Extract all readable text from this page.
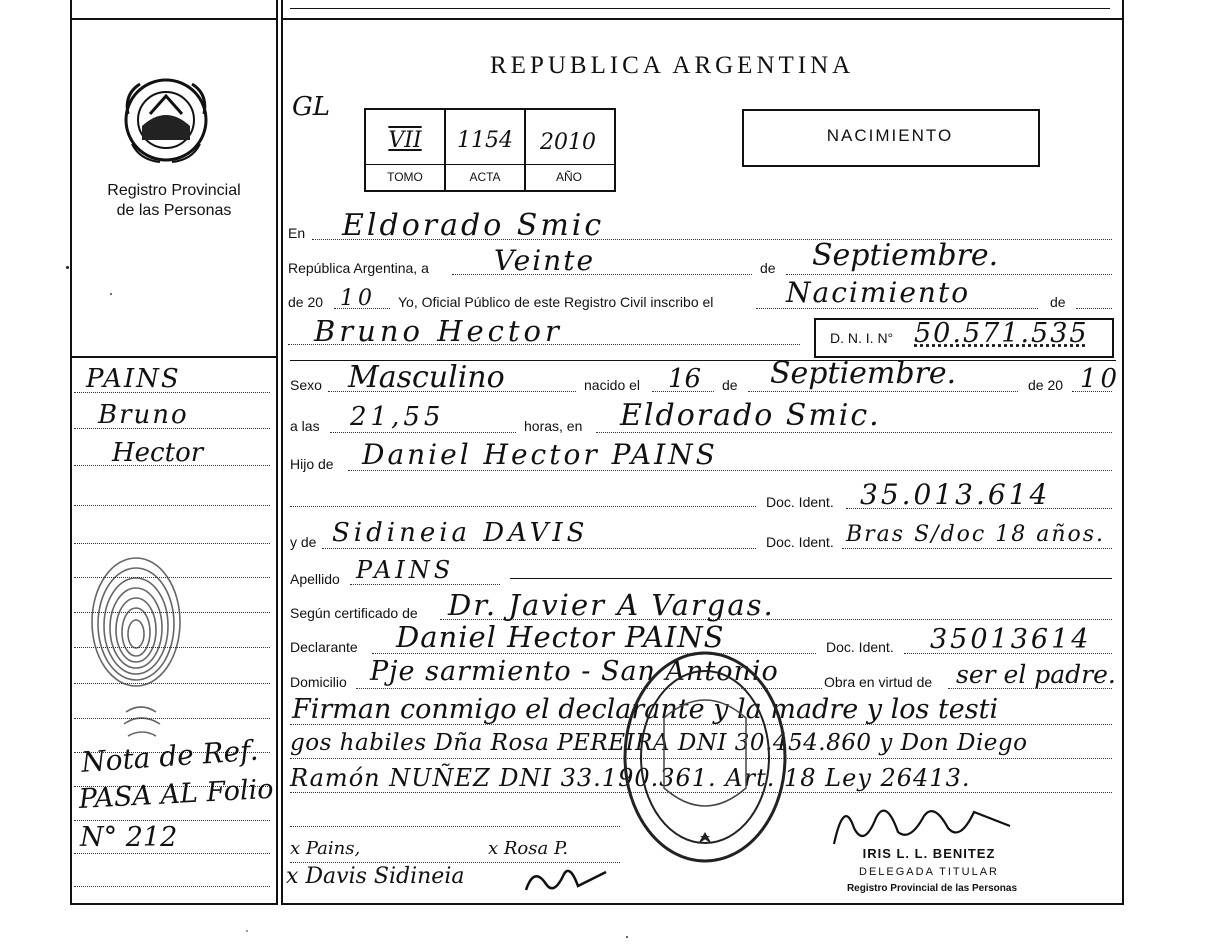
Registro Provincial
de las Personas
PAINS
Bruno
Hector
Nota de Ref.
PASA AL Folio
N° 212
REPUBLICA ARGENTINA
GL
VII	1154	2010
TOMO	ACTA	AÑO
NACIMIENTO
En Eldorado Smic
República Argentina, a Veinte	de Septiembre.
de 20 10 Yo, Oficial Público de este Registro Civil inscribo el	Nacimiento	de
Bruno Hector	D. N. I. N° 50.571.535
Sexo Masculino	nacido el 16 de Septiembre.	de 20 10
a las 21,55	horas, en Eldorado Smic.
Hijo de Daniel Hector PAINS
Doc. Ident. 35.013.614
y de Sidineia DAVIS	Doc. Ident. Bras S/doc 18 años.
Apellido PAINS
Según certificado de Dr. Javier A Vargas.
Declarante Daniel Hector PAINS	Doc. Ident. 35013614
Domicilio Pje sarmiento - San Antonio	Obra en virtud de ser el padre.
Firman conmigo el declarante y la madre y los testi
gos habiles Dña Rosa PEREIRA DNI 30.454.860 y Don Diego
Ramón NUÑEZ DNI 33.190.361. Art. 18 Ley 26413.
x Pains,	x Rosa P.
x Davis Sidineia
IRIS L. L. BENITEZ
DELEGADA TITULAR
Registro Provincial de las Personas
